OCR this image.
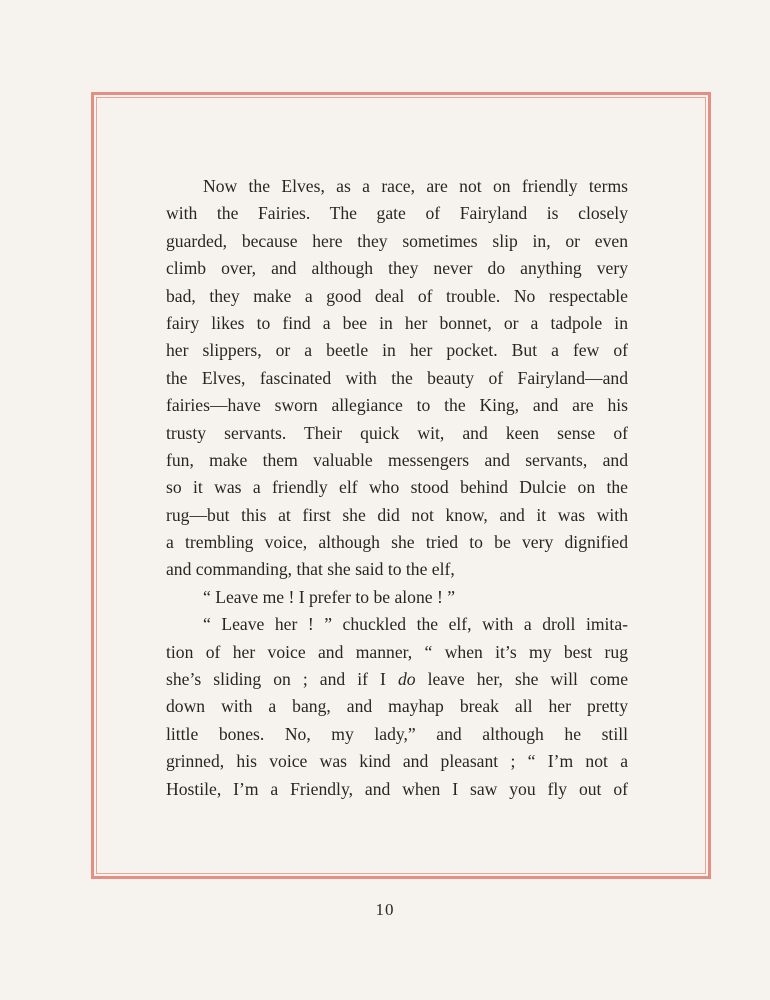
Now the Elves, as a race, are not on friendly terms
with the Fairies. The gate of Fairyland is closely
guarded, because here they sometimes slip in, or even
climb over, and although they never do anything very
bad, they make a good deal of trouble. No respectable
fairy likes to find a bee in her bonnet, or a tadpole in
her slippers, or a beetle in her pocket. But a few of
the Elves, fascinated with the beauty of Fairyland—and
fairies—have sworn allegiance to the King, and are his
trusty servants. Their quick wit, and keen sense of
fun, make them valuable messengers and servants, and
so it was a friendly elf who stood behind Dulcie on the
rug—but this at first she did not know, and it was with
a trembling voice, although she tried to be very dignified
and commanding, that she said to the elf,
“ Leave me ! I prefer to be alone ! ”
“ Leave her ! ” chuckled the elf, with a droll imita-
tion of her voice and manner, “ when it’s my best rug
she’s sliding on ; and if I do leave her, she will come
down with a bang, and mayhap break all her pretty
little bones. No, my lady,” and although he still
grinned, his voice was kind and pleasant ; “ I’m not a
Hostile, I’m a Friendly, and when I saw you fly out of
10
